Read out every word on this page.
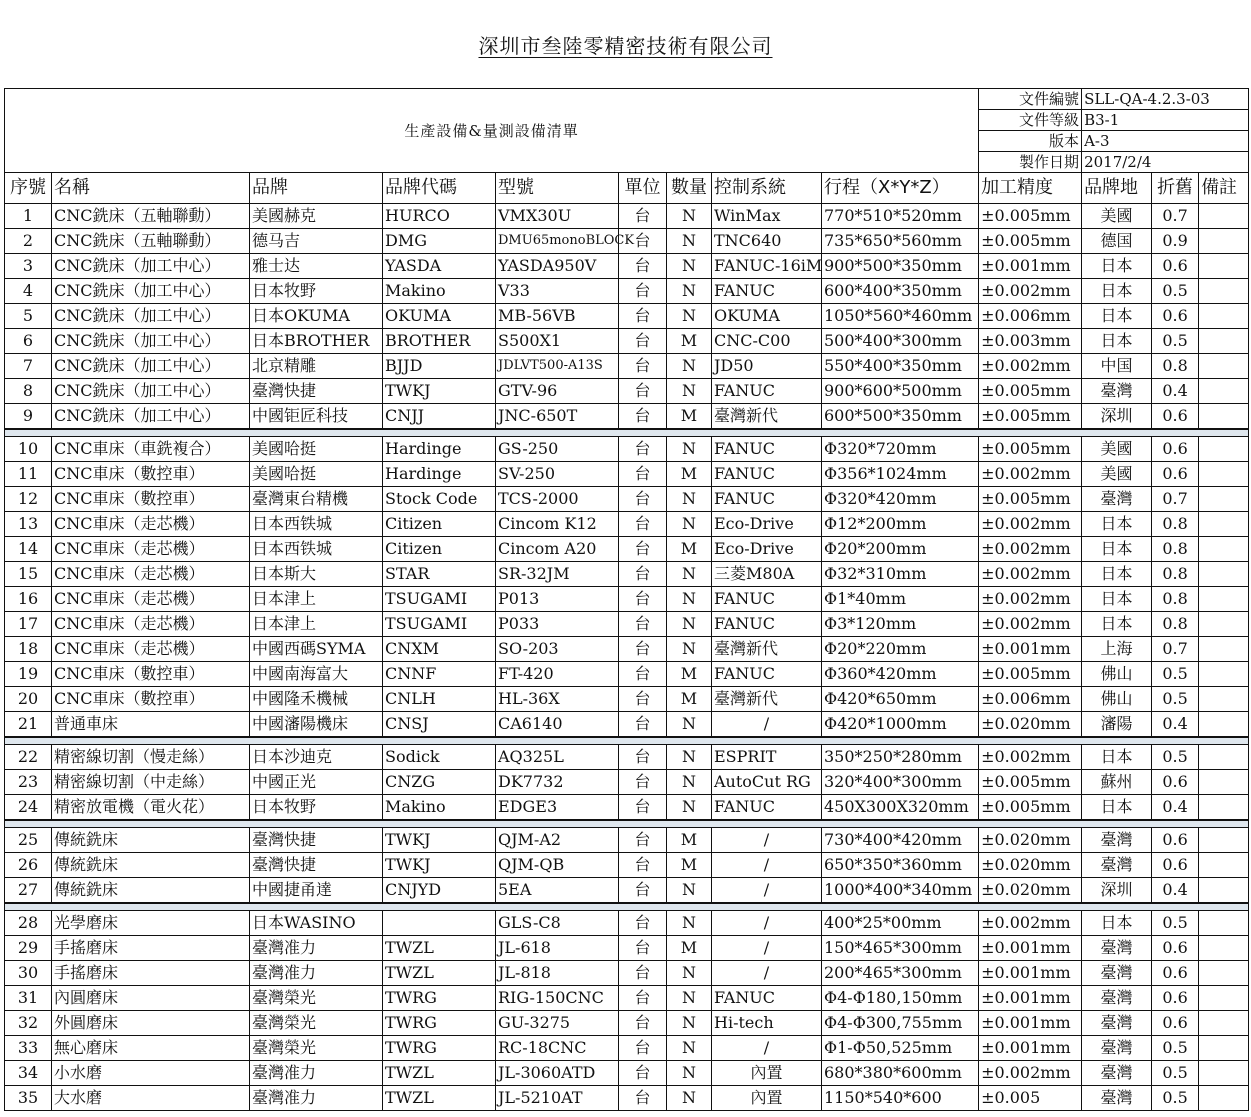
深圳市叁陸零精密技術有限公司
生產設備&量測設備清單									文件編號	SLL-QA-4.2.3-03		
									文件等級	B3-1		
									版本	A-3		
									製作日期	2017/2/4		
序號	名稱	品牌	品牌代碼	型號	單位	數量	控制系統	行程（X*Y*Z）	加工精度	品牌地	折舊	備註
1	CNC銑床（五軸聯動）	美國赫克	HURCO	VMX30U	台	N	WinMax	770*510*520mm	±0.005mm	美國	0.7	
2	CNC銑床（五軸聯動）	德马吉	DMG	DMU65monoBLOCK	台	N	TNC640	735*650*560mm	±0.005mm	德国	0.9	
3	CNC銑床（加工中心）	雅士达	YASDA	YASDA950V	台	N	FANUC-16iM	900*500*350mm	±0.001mm	日本	0.6	
4	CNC銑床（加工中心）	日本牧野	Makino	V33	台	N	FANUC	600*400*350mm	±0.002mm	日本	0.5	
5	CNC銑床（加工中心）	日本OKUMA	OKUMA	MB-56VB	台	N	OKUMA	1050*560*460mm	±0.006mm	日本	0.6	
6	CNC銑床（加工中心）	日本BROTHER	BROTHER	S500X1	台	M	CNC-C00	500*400*300mm	±0.003mm	日本	0.5	
7	CNC銑床（加工中心）	北京精雕	BJJD	JDLVT500-A13S	台	N	JD50	550*400*350mm	±0.002mm	中国	0.8	
8	CNC銑床（加工中心）	臺灣快捷	TWKJ	GTV-96	台	N	FANUC	900*600*500mm	±0.005mm	臺灣	0.4	
9	CNC銑床（加工中心）	中國钜匠科技	CNJJ	JNC-650T	台	M	臺灣新代	600*500*350mm	±0.005mm	深圳	0.6	

10	CNC車床（車銑複合）	美國哈挺	Hardinge	GS-250	台	N	FANUC	Φ320*720mm	±0.005mm	美國	0.6	
11	CNC車床（數控車）	美國哈挺	Hardinge	SV-250	台	M	FANUC	Φ356*1024mm	±0.002mm	美國	0.6	
12	CNC車床（數控車）	臺灣東台精機	Stock Code	TCS-2000	台	N	FANUC	Φ320*420mm	±0.005mm	臺灣	0.7	
13	CNC車床（走芯機）	日本西铁城	Citizen	Cincom K12	台	N	Eco-Drive	Φ12*200mm	±0.002mm	日本	0.8	
14	CNC車床（走芯機）	日本西铁城	Citizen	Cincom A20	台	M	Eco-Drive	Φ20*200mm	±0.002mm	日本	0.8	
15	CNC車床（走芯機）	日本斯大	STAR	SR-32JM	台	N	三菱M80A	Φ32*310mm	±0.002mm	日本	0.8	
16	CNC車床（走芯機）	日本津上	TSUGAMI	P013	台	N	FANUC	Φ1*40mm	±0.002mm	日本	0.8	
17	CNC車床（走芯機）	日本津上	TSUGAMI	P033	台	N	FANUC	Φ3*120mm	±0.002mm	日本	0.8	
18	CNC車床（走芯機）	中國西碼SYMA	CNXM	SO-203	台	N	臺灣新代	Φ20*220mm	±0.001mm	上海	0.7	
19	CNC車床（數控車）	中國南海富大	CNNF	FT-420	台	M	FANUC	Φ360*420mm	±0.005mm	佛山	0.5	
20	CNC車床（數控車）	中國隆禾機械	CNLH	HL-36X	台	M	臺灣新代	Φ420*650mm	±0.006mm	佛山	0.5	
21	普通車床	中國瀋陽機床	CNSJ	CA6140	台	N	/	Φ420*1000mm	±0.020mm	瀋陽	0.4	

22	精密線切割（慢走絲）	日本沙迪克	Sodick	AQ325L	台	N	ESPRIT	350*250*280mm	±0.002mm	日本	0.5	
23	精密線切割（中走絲）	中國正光	CNZG	DK7732	台	N	AutoCut RG	320*400*300mm	±0.005mm	蘇州	0.6	
24	精密放電機（電火花）	日本牧野	Makino	EDGE3	台	N	FANUC	450X300X320mm	±0.005mm	日本	0.4	

25	傳統銑床	臺灣快捷	TWKJ	QJM-A2	台	M	/	730*400*420mm	±0.020mm	臺灣	0.6	
26	傳統銑床	臺灣快捷	TWKJ	QJM-QB	台	M	/	650*350*360mm	±0.020mm	臺灣	0.6	
27	傳統銑床	中國捷甬達	CNJYD	5EA	台	N	/	1000*400*340mm	±0.020mm	深圳	0.4	

28	光學磨床	日本WASINO		GLS-C8	台	N	/	400*25*00mm	±0.002mm	日本	0.5	
29	手搖磨床	臺灣准力	TWZL	JL-618	台	M	/	150*465*300mm	±0.001mm	臺灣	0.6	
30	手搖磨床	臺灣准力	TWZL	JL-818	台	N	/	200*465*300mm	±0.001mm	臺灣	0.6	
31	內圓磨床	臺灣榮光	TWRG	RIG-150CNC	台	N	FANUC	Φ4-Φ180,150mm	±0.001mm	臺灣	0.6	
32	外圓磨床	臺灣榮光	TWRG	GU-3275	台	N	Hi-tech	Φ4-Φ300,755mm	±0.001mm	臺灣	0.6	
33	無心磨床	臺灣榮光	TWRG	RC-18CNC	台	N	/	Φ1-Φ50,525mm	±0.001mm	臺灣	0.5	
34	小水磨	臺灣准力	TWZL	JL-3060ATD	台	N	內置	680*380*600mm	±0.002mm	臺灣	0.5	
35	大水磨	臺灣准力	TWZL	JL-5210AT	台	N	內置	1150*540*600	±0.005	臺灣	0.5	
